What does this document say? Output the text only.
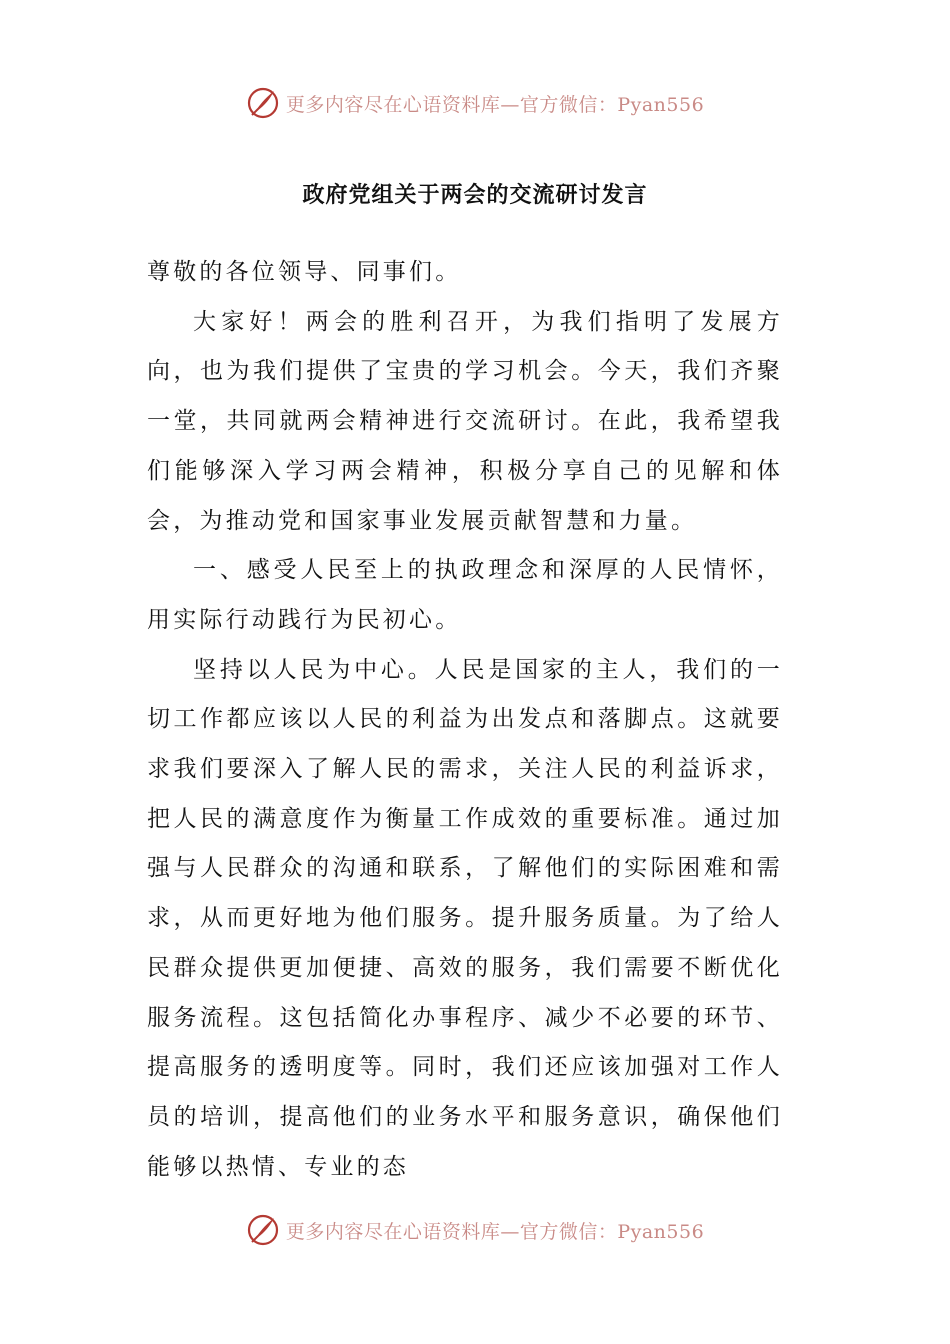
更多内容尽在心语资料库—官方微信：Pyan556
政府党组关于两会的交流研讨发言

尊敬的各位领导、同事们。

大家好！两会的胜利召开，为我们指明了发展方向，也为我们提供了宝贵的学习机会。今天，我们齐聚一堂，共同就两会精神进行交流研讨。在此，我希望我们能够深入学习两会精神，积极分享自己的见解和体会，为推动党和国家事业发展贡献智慧和力量。

一、感受人民至上的执政理念和深厚的人民情怀，用实际行动践行为民初心。

坚持以人民为中心。人民是国家的主人，我们的一切工作都应该以人民的利益为出发点和落脚点。这就要求我们要深入了解人民的需求，关注人民的利益诉求，把人民的满意度作为衡量工作成效的重要标准。通过加强与人民群众的沟通和联系，了解他们的实际困难和需求，从而更好地为他们服务。提升服务质量。为了给人民群众提供更加便捷、高效的服务，我们需要不断优化服务流程。这包括简化办事程序、减少不必要的环节、提高服务的透明度等。同时，我们还应该加强对工作人员的培训，提高他们的业务水平和服务意识，确保他们能够以热情、专业的态

更多内容尽在心语资料库—官方微信：Pyan556
